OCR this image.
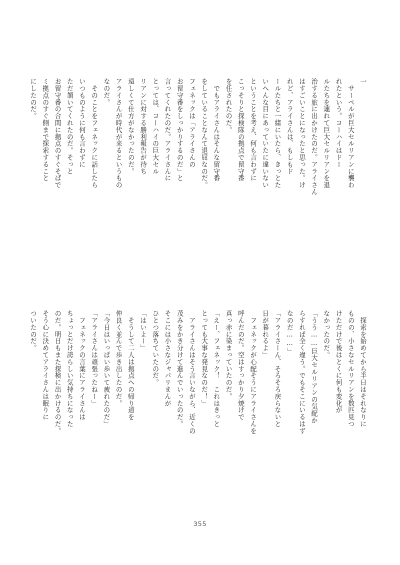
一
　サーペルが巨大セルリアンに襲わ
れたという。コーハイはドー
ルたちを連れて巨大セルリアンを退
治する旅に出かけたのだ。アライさん
はすごいことになったと思った。け
れど、アライさんは、もしもド
ールたちと一緒にいたら、きっとた
いへんな目にあっていたに違いない
ということを考え、何も言わずに
こっそりと探検隊の拠点で留守番
を任されたのだ。
　でもアライさんはそんな留守番
をしていることなんて退屈なのだ。
フェネックは「アライさんの
お留守番をしっかりするのだ」と
言ってくれたのだ。アライさんに
とっては、コーハイの巨大セル
リアンに対する勝利報告が待ち
遠しくて仕方がなかったのだ。
アライさんが時代が来るというもの
なのだ。
　そのことをフェネックに話したら
いつものように何も言わずに
ただ頷いてくれたのだ。そっと
お留守番の合間に拠点のすぐそばで
ミ拠点のすぐ側まで探索すること
にしたのだ。
　探索を始めてから半日はそれなりに
ものの、小さなセルリアンを数匹見つ
けただけで後はとくに何も変化が
なかったのだ。
「うう……巨大セルリアンの気配か
らすれば全く違う。でもそこにいるはず
なのだ……」
「アライさーん、そろそろ戻らないと
日が暮れるよ」
　フェネックが心配そうにアライさんを
呼んだのだ。空はすっかり夕焼けで
真っ赤に染まっていたのだ。
「えー、フェネック！　これはきっと
とっても大事な発見なのだ！」
　アライさんはそう言いながら、近くの
茂みをかき分けて進んでいったのだ。
そこには小さなジャパリまんが
ひとつ落ちていたのだ。
「はいよー」
　そうして二人は拠点への帰り道を
仲良く並んで歩き出したのだ。
「今日はいっぱい歩いて疲れたのだ」
「アライさんは頑張ったねー」
　フェネックの言葉にアライさんは
ちょっとだけ誇らしい気持ちになった
のだ。明日もまた探検に出かけるのだ。
そう心に決めてアライさんは眠りに
ついたのだ。
355
